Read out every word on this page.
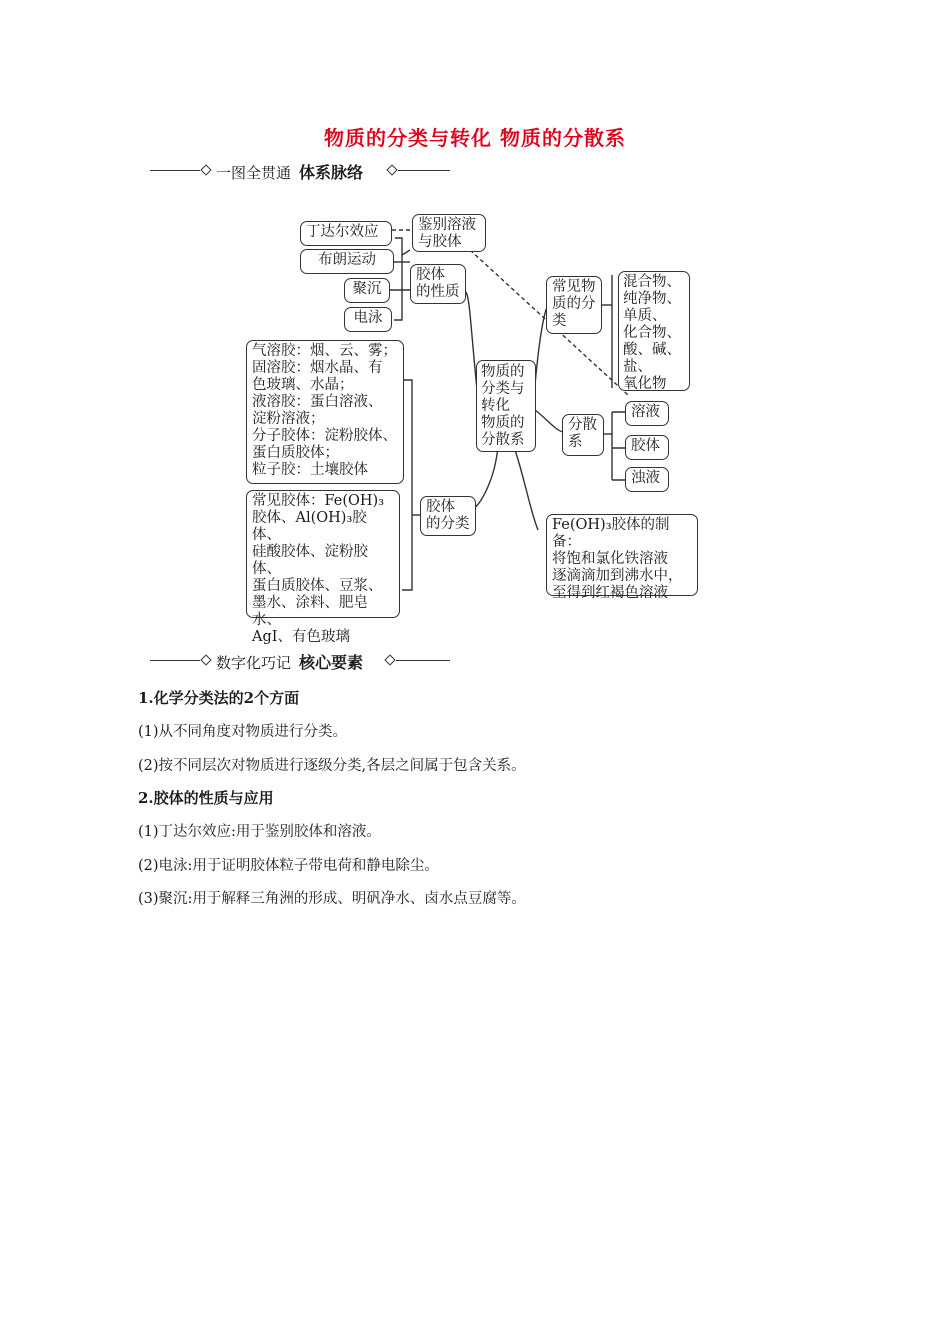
物质的分类与转化 物质的分散系
一图全贯通 体系脉络
丁达尔效应
布朗运动
聚沉
电泳
鉴别溶液
与胶体
胶体
的性质
气溶胶：烟、云、雾；
固溶胶：烟水晶、有
色玻璃、水晶；
液溶胶：蛋白溶液、
淀粉溶液；
分子胶体：淀粉胶体、
蛋白质胶体；
粒子胶：土壤胶体
常见胶体：Fe(OH)₃
胶体、Al(OH)₃胶体、
硅酸胶体、淀粉胶体、
蛋白质胶体、豆浆、
墨水、涂料、肥皂水、
AgI、有色玻璃
胶体
的分类
物质的
分类与
转化
物质的
分散系
常见物
质的分
类
混合物、
纯净物、
单质、
化合物、
酸、碱、
盐、
氧化物
分散
系
溶液
胶体
浊液
Fe(OH)₃胶体的制备：
将饱和氯化铁溶液
逐滴滴加到沸水中，
至得到红褐色溶液
数字化巧记 核心要素
1.化学分类法的2个方面
(1)从不同角度对物质进行分类。
(2)按不同层次对物质进行逐级分类,各层之间属于包含关系。
2.胶体的性质与应用
(1)丁达尔效应:用于鉴别胶体和溶液。
(2)电泳:用于证明胶体粒子带电荷和静电除尘。
(3)聚沉:用于解释三角洲的形成、明矾净水、卤水点豆腐等。
